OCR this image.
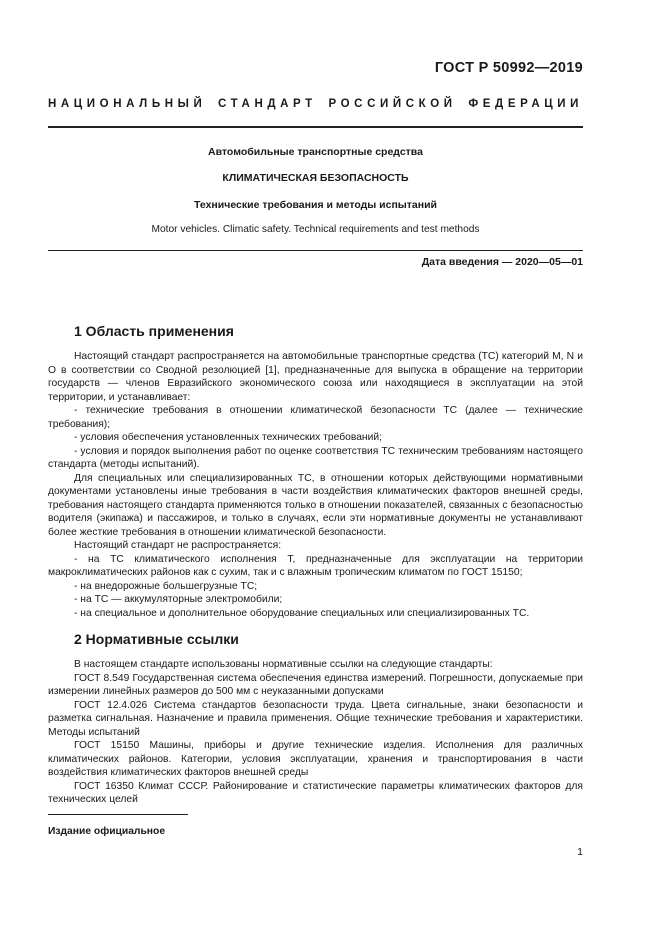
ГОСТ Р 50992—2019
НАЦИОНАЛЬНЫЙ СТАНДАРТ РОССИЙСКОЙ ФЕДЕРАЦИИ
Автомобильные транспортные средства
КЛИМАТИЧЕСКАЯ БЕЗОПАСНОСТЬ
Технические требования и методы испытаний
Motor vehicles. Climatic safety. Technical requirements and test methods
Дата введения — 2020—05—01
1 Область применения

Настоящий стандарт распространяется на автомобильные транспортные средства (ТС) категорий M, N и О в соответствии со Сводной резолюцией [1], предназначенные для выпуска в обращение на территории государств — членов Евразийского экономического союза или находящиеся в эксплуатации на этой территории, и устанавливает:

- технические требования в отношении климатической безопасности ТС (далее — технические требования);

- условия обеспечения установленных технических требований;

- условия и порядок выполнения работ по оценке соответствия ТС техническим требованиям настоящего стандарта (методы испытаний).

Для специальных или специализированных ТС, в отношении которых действующими нормативными документами установлены иные требования в части воздействия климатических факторов внешней среды, требования настоящего стандарта применяются только в отношении показателей, связанных с безопасностью водителя (экипажа) и пассажиров, и только в случаях, если эти нормативные документы не устанавливают более жесткие требования в отношении климатической безопасности.

Настоящий стандарт не распространяется:

- на ТС климатического исполнения Т, предназначенные для эксплуатации на территории макроклиматических районов как с сухим, так и с влажным тропическим климатом по ГОСТ 15150;

- на внедорожные большегрузные ТС;

- на ТС — аккумуляторные электромобили;

- на специальное и дополнительное оборудование специальных или специализированных ТС.

2 Нормативные ссылки

В настоящем стандарте использованы нормативные ссылки на следующие стандарты:

ГОСТ 8.549 Государственная система обеспечения единства измерений. Погрешности, допускаемые при измерении линейных размеров до 500 мм с неуказанными допусками

ГОСТ 12.4.026 Система стандартов безопасности труда. Цвета сигнальные, знаки безопасности и разметка сигнальная. Назначение и правила применения. Общие технические требования и характеристики. Методы испытаний

ГОСТ 15150 Машины, приборы и другие технические изделия. Исполнения для различных климатических районов. Категории, условия эксплуатации, хранения и транспортирования в части воздействия климатических факторов внешней среды

ГОСТ 16350 Климат СССР. Районирование и статистические параметры климатических факторов для технических целей

Издание официальное
1
